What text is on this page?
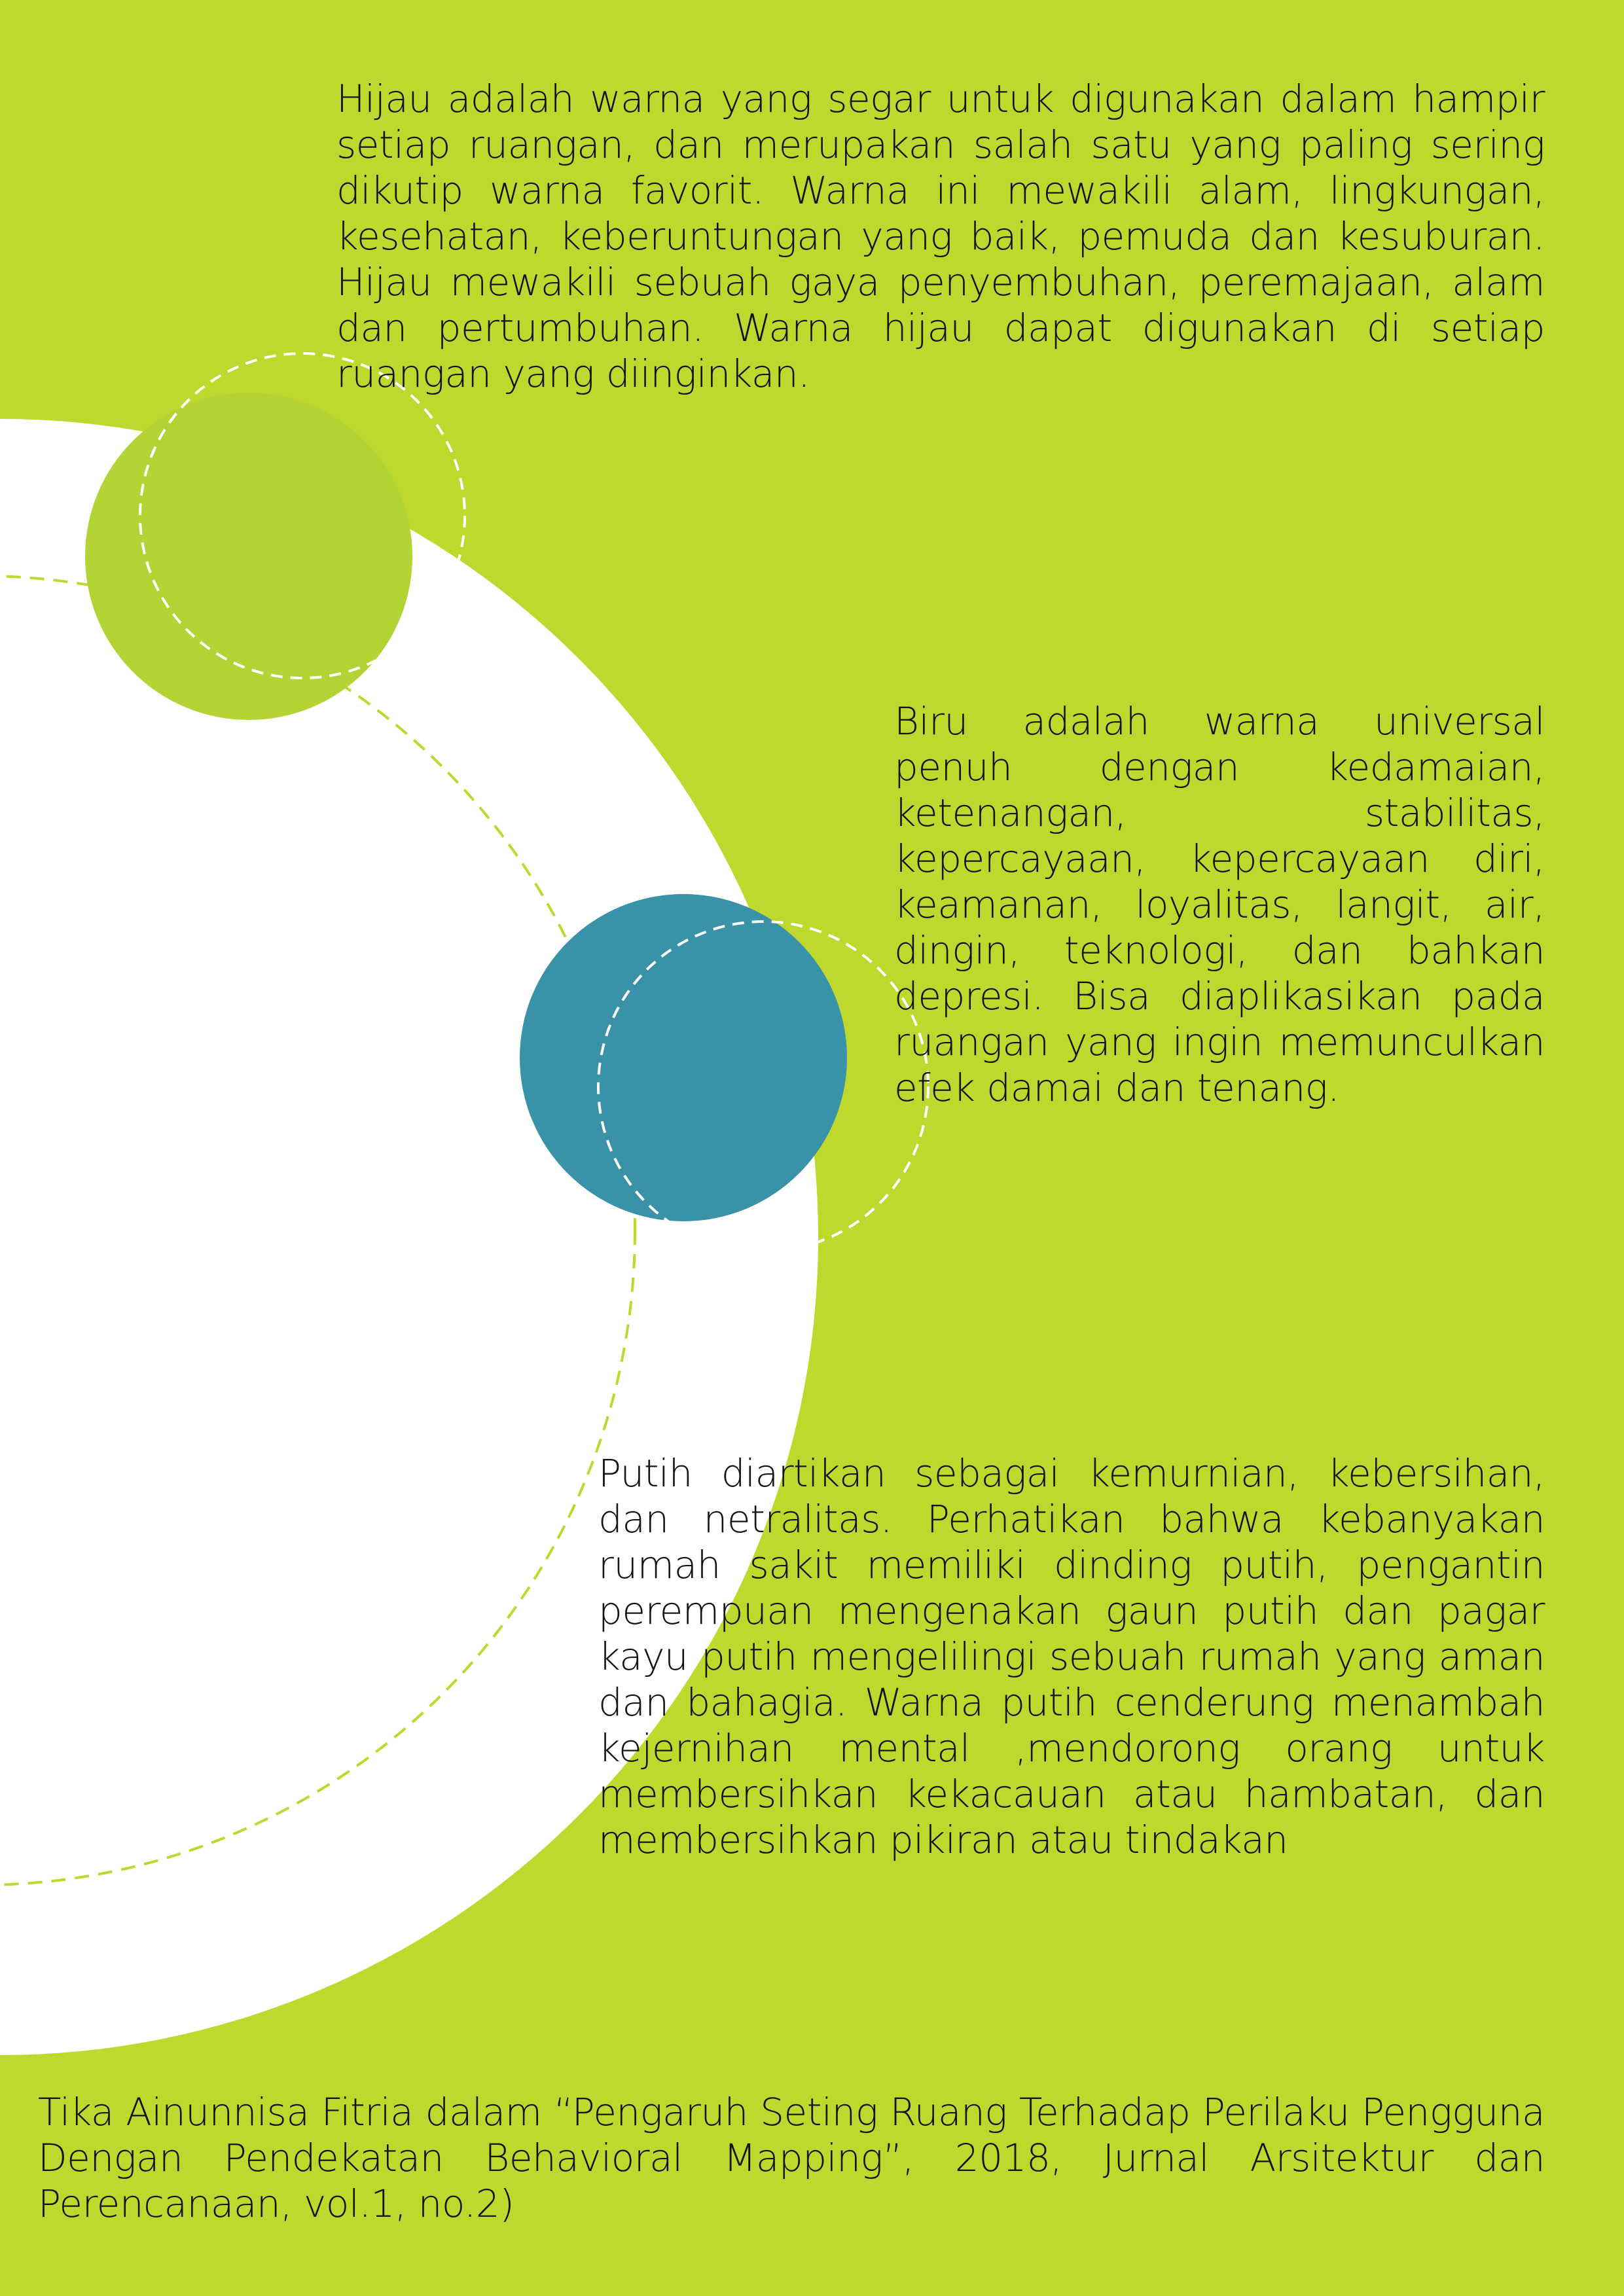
Hijau adalah warna yang segar untuk digunakan dalam hampir setiap ruangan, dan merupakan salah satu yang paling sering dikutip warna favorit. Warna ini mewakili alam, lingkungan, kesehatan, keberuntungan yang baik, pemuda dan kesuburan. Hijau mewakili sebuah gaya penyembuhan, peremajaan, alam dan pertumbuhan. Warna hijau dapat digunakan di setiap ruangan yang diinginkan.

Biru adalah warna universal penuh dengan kedamaian, ketenangan, stabilitas, kepercayaan, kepercayaan diri, keamanan, loyalitas, langit, air, dingin, teknologi, dan bahkan depresi. Bisa diaplikasikan pada ruangan yang ingin memunculkan efek damai dan tenang.

Putih diartikan sebagai kemurnian, kebersihan, dan netralitas. Perhatikan bahwa kebanyakan rumah sakit memiliki dinding putih, pengantin perempuan mengenakan gaun putih dan pagar kayu putih mengelilingi sebuah rumah yang aman dan bahagia. Warna putih cenderung menambah kejernihan mental ,mendorong orang untuk membersihkan kekacauan atau hambatan, dan membersihkan pikiran atau tindakan

Tika Ainunnisa Fitria dalam “Pengaruh Seting Ruang Terhadap Perilaku Pengguna Dengan Pendekatan Behavioral Mapping”, 2018, Jurnal Arsitektur dan Perencanaan, vol.1, no.2)
